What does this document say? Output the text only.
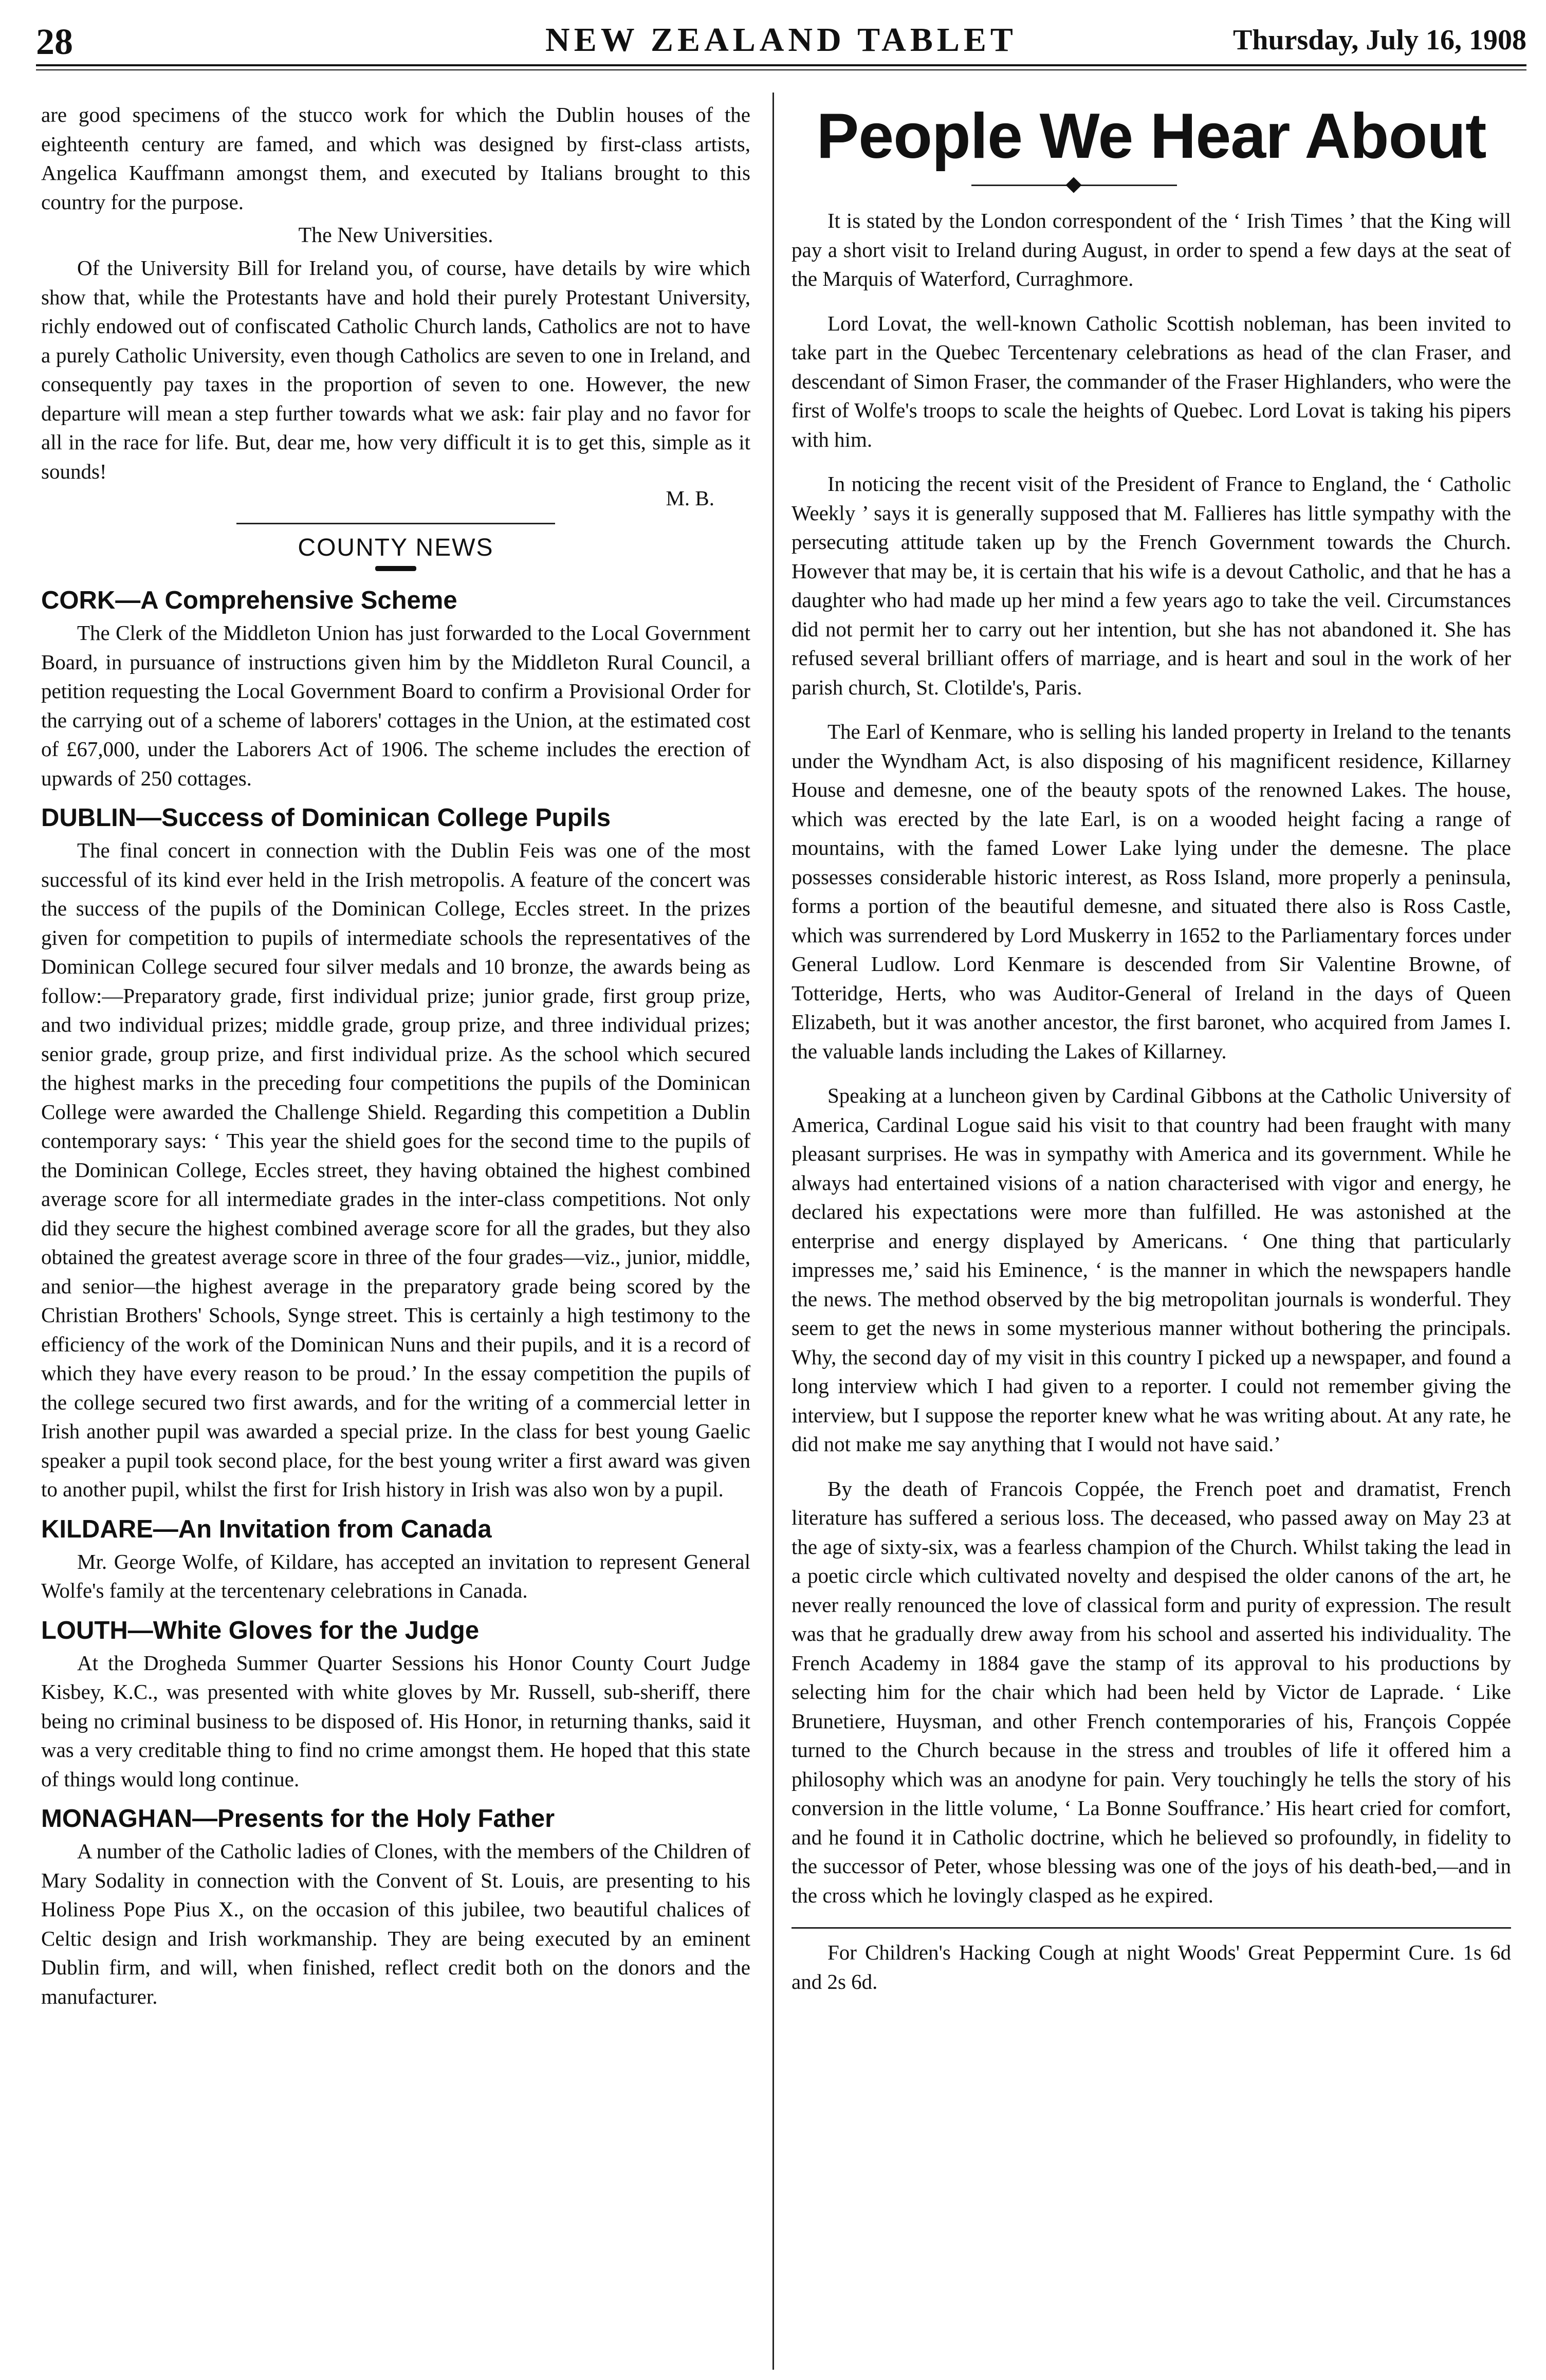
28	NEW ZEALAND TABLET	Thursday, July 16, 1908

are good specimens of the stucco work for which the Dublin houses of the eighteenth century are famed, and which was designed by first-class artists, Angelica Kauffmann amongst them, and executed by Italians brought to this country for the purpose.

The New Universities.

Of the University Bill for Ireland you, of course, have details by wire which show that, while the Protestants have and hold their purely Protestant University, richly endowed out of confiscated Catholic Church lands, Catholics are not to have a purely Catholic University, even though Catholics are seven to one in Ireland, and consequently pay taxes in the proportion of seven to one. However, the new departure will mean a step further towards what we ask: fair play and no favor for all in the race for life. But, dear me, how very difficult it is to get this, simple as it sounds!

M. B.
COUNTY NEWS
CORK—A Comprehensive Scheme

The Clerk of the Middleton Union has just forwarded to the Local Government Board, in pursuance of instructions given him by the Middleton Rural Council, a petition requesting the Local Government Board to confirm a Provisional Order for the carrying out of a scheme of laborers' cottages in the Union, at the estimated cost of £67,000, under the Laborers Act of 1906. The scheme includes the erection of upwards of 250 cottages.

DUBLIN—Success of Dominican College Pupils

The final concert in connection with the Dublin Feis was one of the most successful of its kind ever held in the Irish metropolis. A feature of the concert was the success of the pupils of the Dominican College, Eccles street. In the prizes given for competition to pupils of intermediate schools the representatives of the Dominican College secured four silver medals and 10 bronze, the awards being as follow:—Preparatory grade, first individual prize; junior grade, first group prize, and two individual prizes; middle grade, group prize, and three individual prizes; senior grade, group prize, and first individual prize. As the school which secured the highest marks in the preceding four competitions the pupils of the Dominican College were awarded the Challenge Shield. Regarding this competition a Dublin contemporary says: ‘ This year the shield goes for the second time to the pupils of the Dominican College, Eccles street, they having obtained the highest combined average score for all intermediate grades in the inter-class competitions. Not only did they secure the highest combined average score for all the grades, but they also obtained the greatest average score in three of the four grades—viz., junior, middle, and senior—the highest average in the preparatory grade being scored by the Christian Brothers' Schools, Synge street. This is certainly a high testimony to the efficiency of the work of the Dominican Nuns and their pupils, and it is a record of which they have every reason to be proud.’ In the essay competition the pupils of the college secured two first awards, and for the writing of a commercial letter in Irish another pupil was awarded a special prize. In the class for best young Gaelic speaker a pupil took second place, for the best young writer a first award was given to another pupil, whilst the first for Irish history in Irish was also won by a pupil.

KILDARE—An Invitation from Canada

Mr. George Wolfe, of Kildare, has accepted an invitation to represent General Wolfe's family at the tercentenary celebrations in Canada.

LOUTH—White Gloves for the Judge

At the Drogheda Summer Quarter Sessions his Honor County Court Judge Kisbey, K.C., was presented with white gloves by Mr. Russell, sub-sheriff, there being no criminal business to be disposed of. His Honor, in returning thanks, said it was a very creditable thing to find no crime amongst them. He hoped that this state of things would long continue.

MONAGHAN—Presents for the Holy Father

A number of the Catholic ladies of Clones, with the members of the Children of Mary Sodality in connection with the Convent of St. Louis, are presenting to his Holiness Pope Pius X., on the occasion of this jubilee, two beautiful chalices of Celtic design and Irish workmanship. They are being executed by an eminent Dublin firm, and will, when finished, reflect credit both on the donors and the manufacturer.

People We Hear About

It is stated by the London correspondent of the ‘ Irish Times ’ that the King will pay a short visit to Ireland during August, in order to spend a few days at the seat of the Marquis of Waterford, Curraghmore.

Lord Lovat, the well-known Catholic Scottish nobleman, has been invited to take part in the Quebec Tercentenary celebrations as head of the clan Fraser, and descendant of Simon Fraser, the commander of the Fraser Highlanders, who were the first of Wolfe's troops to scale the heights of Quebec. Lord Lovat is taking his pipers with him.

In noticing the recent visit of the President of France to England, the ‘ Catholic Weekly ’ says it is generally supposed that M. Fallieres has little sympathy with the persecuting attitude taken up by the French Government towards the Church. However that may be, it is certain that his wife is a devout Catholic, and that he has a daughter who had made up her mind a few years ago to take the veil. Circumstances did not permit her to carry out her intention, but she has not abandoned it. She has refused several brilliant offers of marriage, and is heart and soul in the work of her parish church, St. Clotilde's, Paris.

The Earl of Kenmare, who is selling his landed property in Ireland to the tenants under the Wyndham Act, is also disposing of his magnificent residence, Killarney House and demesne, one of the beauty spots of the renowned Lakes. The house, which was erected by the late Earl, is on a wooded height facing a range of mountains, with the famed Lower Lake lying under the demesne. The place possesses considerable historic interest, as Ross Island, more properly a peninsula, forms a portion of the beautiful demesne, and situated there also is Ross Castle, which was surrendered by Lord Muskerry in 1652 to the Parliamentary forces under General Ludlow. Lord Kenmare is descended from Sir Valentine Browne, of Totteridge, Herts, who was Auditor-General of Ireland in the days of Queen Elizabeth, but it was another ancestor, the first baronet, who acquired from James I. the valuable lands including the Lakes of Killarney.

Speaking at a luncheon given by Cardinal Gibbons at the Catholic University of America, Cardinal Logue said his visit to that country had been fraught with many pleasant surprises. He was in sympathy with America and its government. While he always had entertained visions of a nation characterised with vigor and energy, he declared his expectations were more than fulfilled. He was astonished at the enterprise and energy displayed by Americans. ‘ One thing that particularly impresses me,’ said his Eminence, ‘ is the manner in which the newspapers handle the news. The method observed by the big metropolitan journals is wonderful. They seem to get the news in some mysterious manner without bothering the principals. Why, the second day of my visit in this country I picked up a newspaper, and found a long interview which I had given to a reporter. I could not remember giving the interview, but I suppose the reporter knew what he was writing about. At any rate, he did not make me say anything that I would not have said.’

By the death of Francois Coppée, the French poet and dramatist, French literature has suffered a serious loss. The deceased, who passed away on May 23 at the age of sixty-six, was a fearless champion of the Church. Whilst taking the lead in a poetic circle which cultivated novelty and despised the older canons of the art, he never really renounced the love of classical form and purity of expression. The result was that he gradually drew away from his school and asserted his individuality. The French Academy in 1884 gave the stamp of its approval to his productions by selecting him for the chair which had been held by Victor de Laprade. ‘ Like Brunetiere, Huysman, and other French contemporaries of his, François Coppée turned to the Church because in the stress and troubles of life it offered him a philosophy which was an anodyne for pain. Very touchingly he tells the story of his conversion in the little volume, ‘ La Bonne Souffrance.’ His heart cried for comfort, and he found it in Catholic doctrine, which he believed so profoundly, in fidelity to the successor of Peter, whose blessing was one of the joys of his death-bed,—and in the cross which he lovingly clasped as he expired.

For Children's Hacking Cough at night Woods' Great Peppermint Cure. 1s 6d and 2s 6d.
